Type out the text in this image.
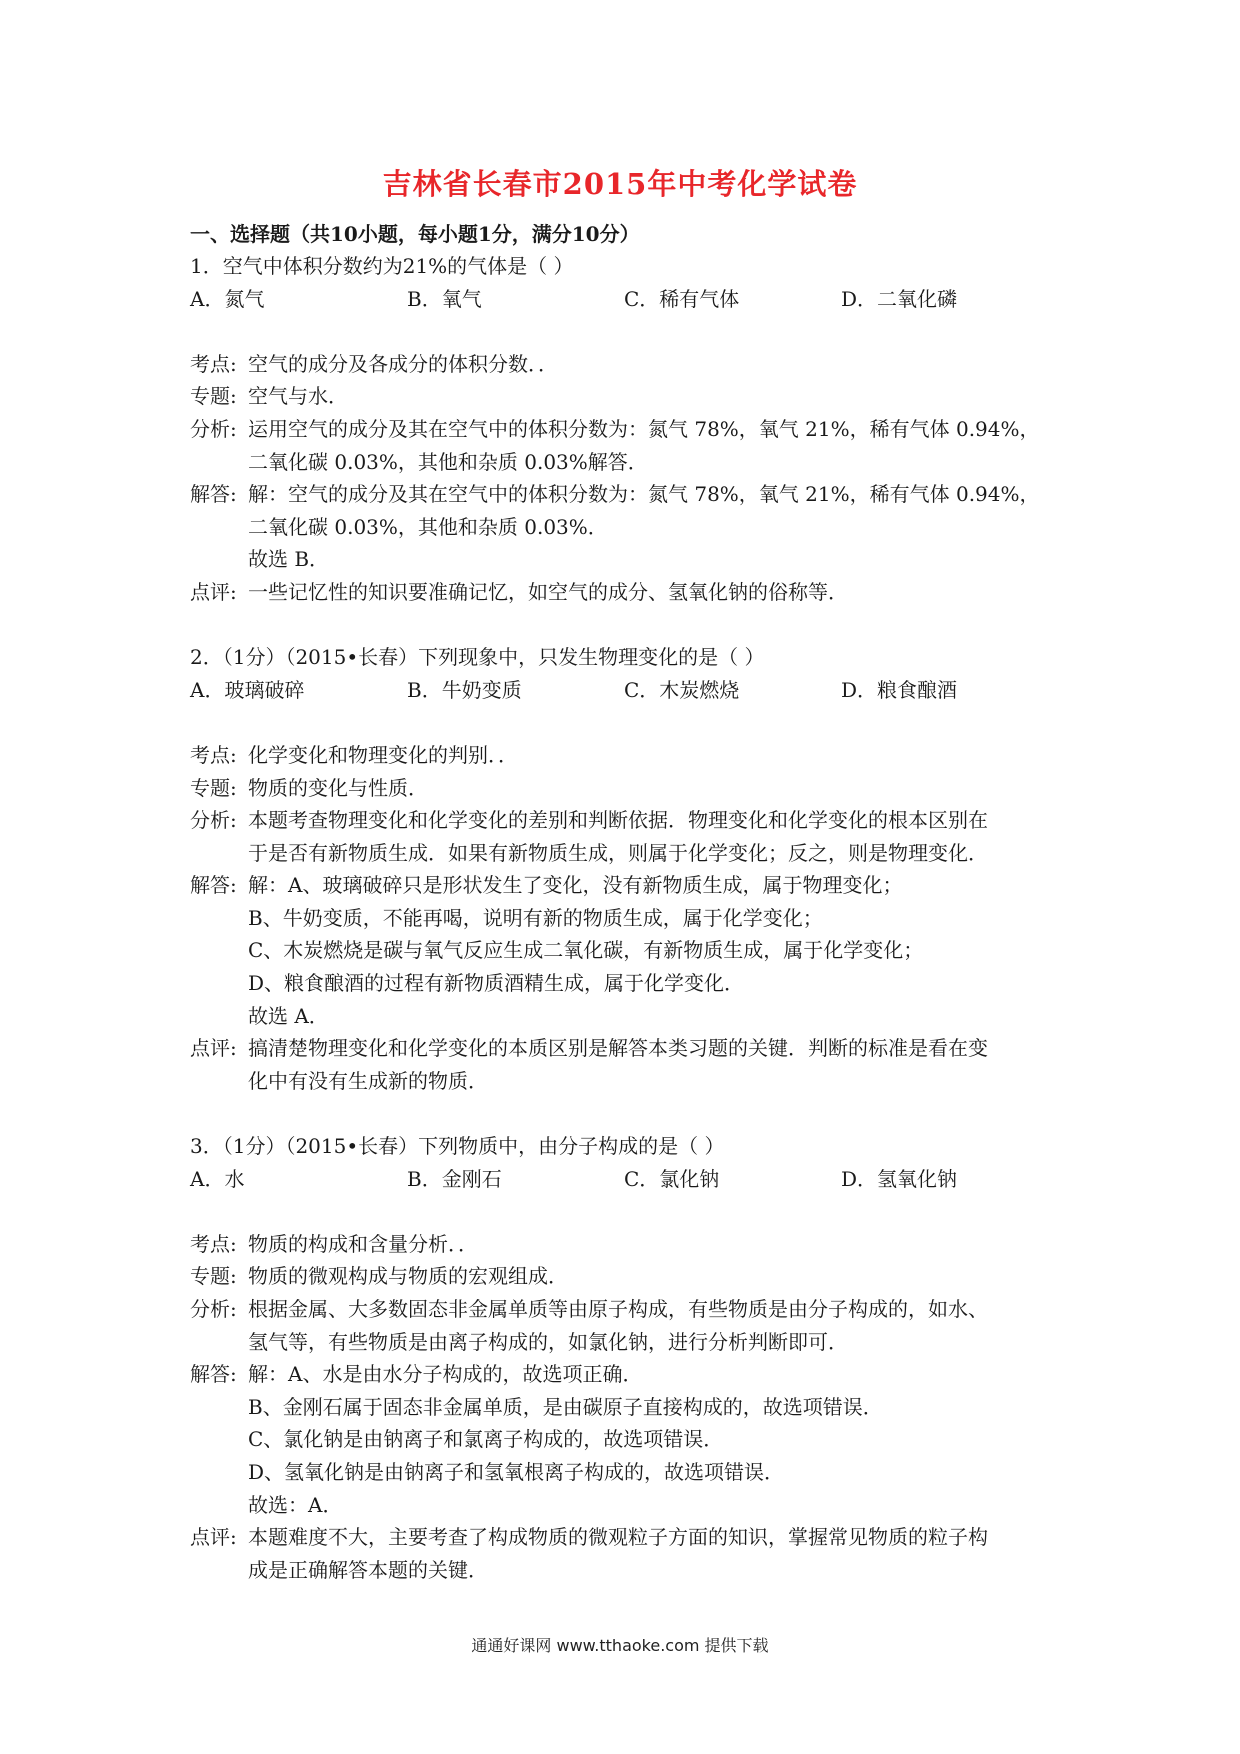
吉林省长春市2015年中考化学试卷
一、选择题（共10小题，每小题1分，满分10分）
1．空气中体积分数约为21%的气体是（ ）
A．氮气	B．氧气	C．稀有气体	D．二氧化磷
考点: 空气的成分及各成分的体积分数．．
专题: 空气与水．
分析: 运用空气的成分及其在空气中的体积分数为：氮气 78%，氧气 21%，稀有气体 0.94%，
二氧化碳 0.03%，其他和杂质 0.03%解答．
解答: 解：空气的成分及其在空气中的体积分数为：氮气 78%，氧气 21%，稀有气体 0.94%，
二氧化碳 0.03%，其他和杂质 0.03%．
故选 B．
点评: 一些记忆性的知识要准确记忆，如空气的成分、氢氧化钠的俗称等．
2．（1分）（2015•长春）下列现象中，只发生物理变化的是（ ）
A．玻璃破碎	B．牛奶变质	C．木炭燃烧	D．粮食酿酒
考点: 化学变化和物理变化的判别．．
专题: 物质的变化与性质．
分析: 本题考查物理变化和化学变化的差别和判断依据．物理变化和化学变化的根本区别在
于是否有新物质生成．如果有新物质生成，则属于化学变化；反之，则是物理变化．
解答: 解：A、玻璃破碎只是形状发生了变化，没有新物质生成，属于物理变化；
B、牛奶变质，不能再喝，说明有新的物质生成，属于化学变化；
C、木炭燃烧是碳与氧气反应生成二氧化碳，有新物质生成，属于化学变化；
D、粮食酿酒的过程有新物质酒精生成，属于化学变化．
故选 A．
点评: 搞清楚物理变化和化学变化的本质区别是解答本类习题的关键．判断的标准是看在变
化中有没有生成新的物质．
3．（1分）（2015•长春）下列物质中，由分子构成的是（ ）
A．水	B．金刚石	C．氯化钠	D．氢氧化钠
考点: 物质的构成和含量分析．．
专题: 物质的微观构成与物质的宏观组成．
分析: 根据金属、大多数固态非金属单质等由原子构成，有些物质是由分子构成的，如水、
氢气等，有些物质是由离子构成的，如氯化钠，进行分析判断即可．
解答: 解：A、水是由水分子构成的，故选项正确．
B、金刚石属于固态非金属单质，是由碳原子直接构成的，故选项错误．
C、氯化钠是由钠离子和氯离子构成的，故选项错误．
D、氢氧化钠是由钠离子和氢氧根离子构成的，故选项错误．
故选：A．
点评: 本题难度不大，主要考查了构成物质的微观粒子方面的知识，掌握常见物质的粒子构
成是正确解答本题的关键．
通通好课网 www.tthaoke.com 提供下载
